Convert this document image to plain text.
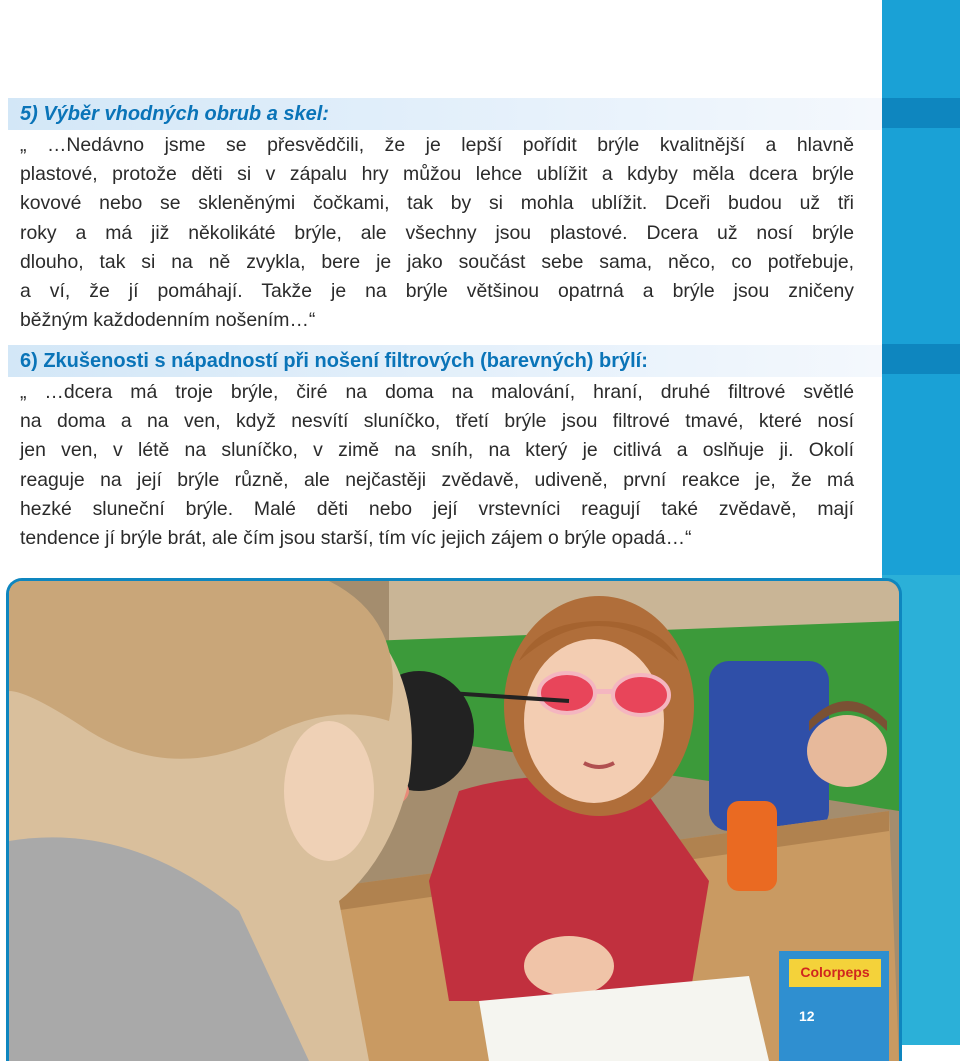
5) Výběr vhodných obrub a skel:

„ …Nedávno jsme se přesvědčili, že je lepší pořídit brýle kvalitnější a hlavně
plastové, protože děti si v zápalu hry můžou lehce ublížit a kdyby měla dcera brýle
kovové nebo se skleněnými čočkami, tak by si mohla ublížit. Dceři budou už tři
roky a má již několikáté brýle, ale všechny jsou plastové. Dcera už nosí brýle
dlouho, tak si na ně zvykla, bere je jako součást sebe sama, něco, co potřebuje,
a ví, že jí pomáhají. Takže je na brýle většinou opatrná a brýle jsou zničeny
běžným každodenním nošením…“

6) Zkušenosti s nápadností při nošení filtrových (barevných) brýlí:

„ …dcera má troje brýle, čiré na doma na malování, hraní, druhé filtrové světlé
na doma a na ven, když nesvítí sluníčko, třetí brýle jsou filtrové tmavé, které nosí
jen ven, v létě na sluníčko, v zimě na sníh, na který je citlivá a oslňuje ji. Okolí
reaguje na její brýle různě, ale nejčastěji zvědavě, udiveně, první reakce je, že má
hezké sluneční brýle. Malé děti nebo její vrstevníci reagují také zvědavě, mají
tendence jí brýle brát, ale čím jsou starší, tím víc jejich zájem o brýle opadá…“

Colorpeps
12
